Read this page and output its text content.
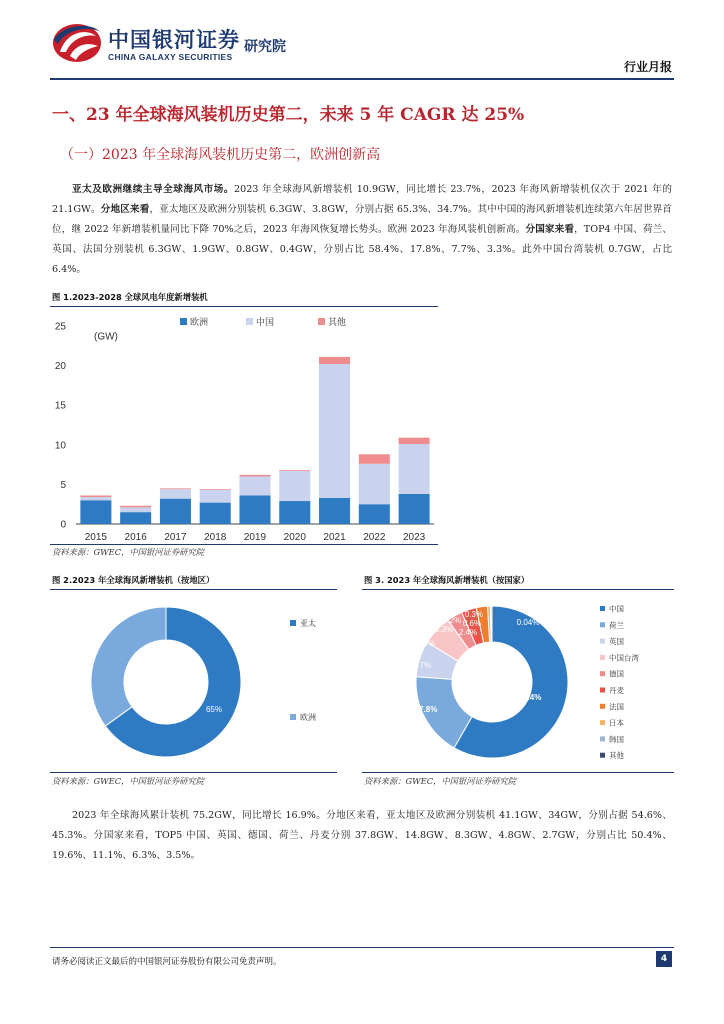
中国银河证券
CHINA GALAXY SECURITIES
研究院
行业月报
一、23 年全球海风装机历史第二，未来 5 年 CAGR 达 25%
（一）2023 年全球海风装机历史第二，欧洲创新高
亚太及欧洲继续主导全球海风市场。2023 年全球海风新增装机 10.9GW，同比增长 23.7%，2023 年海风新增装机仅次于 2021 年的 21.1GW。分地区来看，亚太地区及欧洲分别装机 6.3GW、3.8GW，分别占据 65.3%、34.7%。其中中国的海风新增装机连续第六年居世界首位，继 2022 年新增装机量同比下降 70%之后，2023 年海风恢复增长势头。欧洲 2023 年海风装机创新高。分国家来看，TOP4 中国、荷兰、英国、法国分别装机 6.3GW、1.9GW、0.8GW、0.4GW，分别占比 58.4%、17.8%、7.7%、3.3%。此外中国台湾装机 0.7GW，占比 6.4%。
图 1.2023-2028 全球风电年度新增装机
0
5
10
15
20
25
(GW)
2015 2016 2017 2018 2019 2020 2021 2022 2023
欧洲	中国	其他
资料来源：GWEC，中国银河证券研究院
图 2.2023 年全球海风新增装机（按地区）
65%
35%
亚太
欧洲
资料来源：GWEC，中国银河证券研究院
图 3. 2023 年全球海风新增装机（按国家）
58.4%
17.8%
7.7%
6.4%
3.3%
3.2%
2.4%
0.6%
0.3%
0.04%
中国
荷兰
英国
中国台湾
德国
丹麦
法国
日本
韩国
其他
资料来源：GWEC，中国银河证券研究院
2023 年全球海风累计装机 75.2GW，同比增长 16.9%。分地区来看，亚太地区及欧洲分别装机 41.1GW、34GW，分别占据 54.6%、45.3%。分国家来看，TOP5 中国、英国、德国、荷兰、丹麦分别 37.8GW、14.8GW、8.3GW、4.8GW、2.7GW，分别占比 50.4%、19.6%、11.1%、6.3%、3.5%。
请务必阅读正文最后的中国银河证券股份有限公司免责声明。	4
